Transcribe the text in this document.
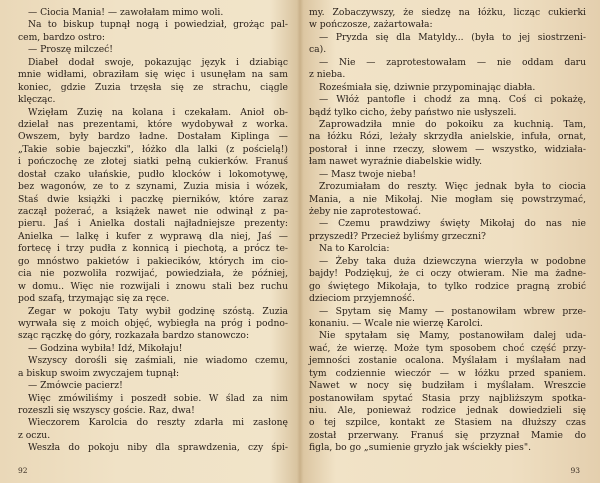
— Ciocia Mania! — zawołałam mimo woli.
Na to biskup tupnął nogą i powiedział, grożąc pal-
cem, bardzo ostro:
— Proszę milczeć!
Diabeł dodał swoje, pokazując język i dziabiąc
mnie widłami, obraziłam się więc i usunęłam na sam
koniec, gdzie Zuzia trzęsła się ze strachu, ciągle
klęcząc.
Wzięłam Zuzię na kolana i czekałam. Anioł ob-
dzielał nas prezentami, które wydobywał z worka.
Owszem, były bardzo ładne. Dostałam Kiplinga —
„Takie sobie bajeczki", łóżko dla lalki (z pościelą!)
i pończochę ze złotej siatki pełną cukierków. Franuś
dostał czako ułańskie, pudło klocków i lokomotywę,
bez wagonów, ze to z szynami, Zuzia misia i wózek,
Staś dwie książki i paczkę pierników, które zaraz
zaczął pożerać, a książek nawet nie odwinął z pa-
pieru. Jaś i Anielka dostali najładniejsze prezenty:
Anielka — lalkę i kufer z wyprawą dla niej, Jaś —
fortecę i trzy pudła z konnicą i piechotą, a prócz te-
go mnóstwo pakietów i pakiecików, których im cio-
cia nie pozwoliła rozwijać, powiedziała, że później,
w domu.. Więc nie rozwijali i znowu stali bez ruchu
pod szafą, trzymając się za ręce.
Zegar w pokoju Taty wybił godzinę szóstą. Zuzia
wyrwała się z moich objęć, wybiegła na próg i podno-
sząc rączkę do góry, rozkazała bardzo stanowczo:
— Godzina wybiła! Idź, Mikołaju!
Wszyscy dorośli się zaśmiali, nie wiadomo czemu,
a biskup swoim zwyczajem tupnął:
— Zmówcie pacierz!
Więc zmówiliśmy i poszedł sobie. W ślad za nim
rozeszli się wszyscy goście. Raz, dwa!
Wieczorem Karolcia do reszty zdarła mi zasłonę
z oczu.
Weszła do pokoju niby dla sprawdzenia, czy śpi-
92
my. Zobaczywszy, że siedzę na łóżku, licząc cukierki
w pończosze, zażartowała:
— Pryzda się dla Matyldy... (była to jej siostrzeni-
ca).
— Nie — zaprotestowałam — nie oddam daru
z nieba.
Roześmiała się, dziwnie przypominając diabła.
— Włóż pantofle i chodź za mną. Coś ci pokażę,
bądź tylko cicho, żeby państwo nie usłyszeli.
Zaprowadziła mnie do pokoiku za kuchnią. Tam,
na łóżku Rózi, leżały skrzydła anielskie, infuła, ornat,
postorał i inne rzeczy, słowem — wszystko, widziała-
łam nawet wyraźnie diabelskie widły.
— Masz twoje nieba!
Zrozumiałam do reszty. Więc jednak była to ciocia
Mania, a nie Mikołaj. Nie mogłam się powstrzymać,
żeby nie zaprotestować.
— Czemu prawdziwy święty Mikołaj do nas nie
przyszedł? Przecież byliśmy grzeczni?
Na to Karolcia:
— Żeby taka duża dziewczyna wierzyła w podobne
bajdy! Podziękuj, że ci oczy otwieram. Nie ma żadne-
go świętego Mikołaja, to tylko rodzice pragną zrobić
dzieciom przyjemność.
— Spytam się Mamy — postanowiłam wbrew prze-
konaniu. — Wcale nie wierzę Karolci.
Nie spytałam się Mamy, postanowiłam dalej uda-
wać, że wierzę. Może tym sposobem choć część przy-
jemności zostanie ocalona. Myślałam i myślałam nad
tym codziennie wieczór — w łóżku przed spaniem.
Nawet w nocy się budziłam i myślałam. Wreszcie
postanowiłam spytać Stasia przy najbliższym spotka-
niu. Ale, ponieważ rodzice jednak dowiedzieli się
o tej szpilce, kontakt ze Stasiem na dłuższy czas
został przerwany. Franuś się przyznał Mamie do
figla, bo go „sumienie gryzło jak wściekły pies".
93
